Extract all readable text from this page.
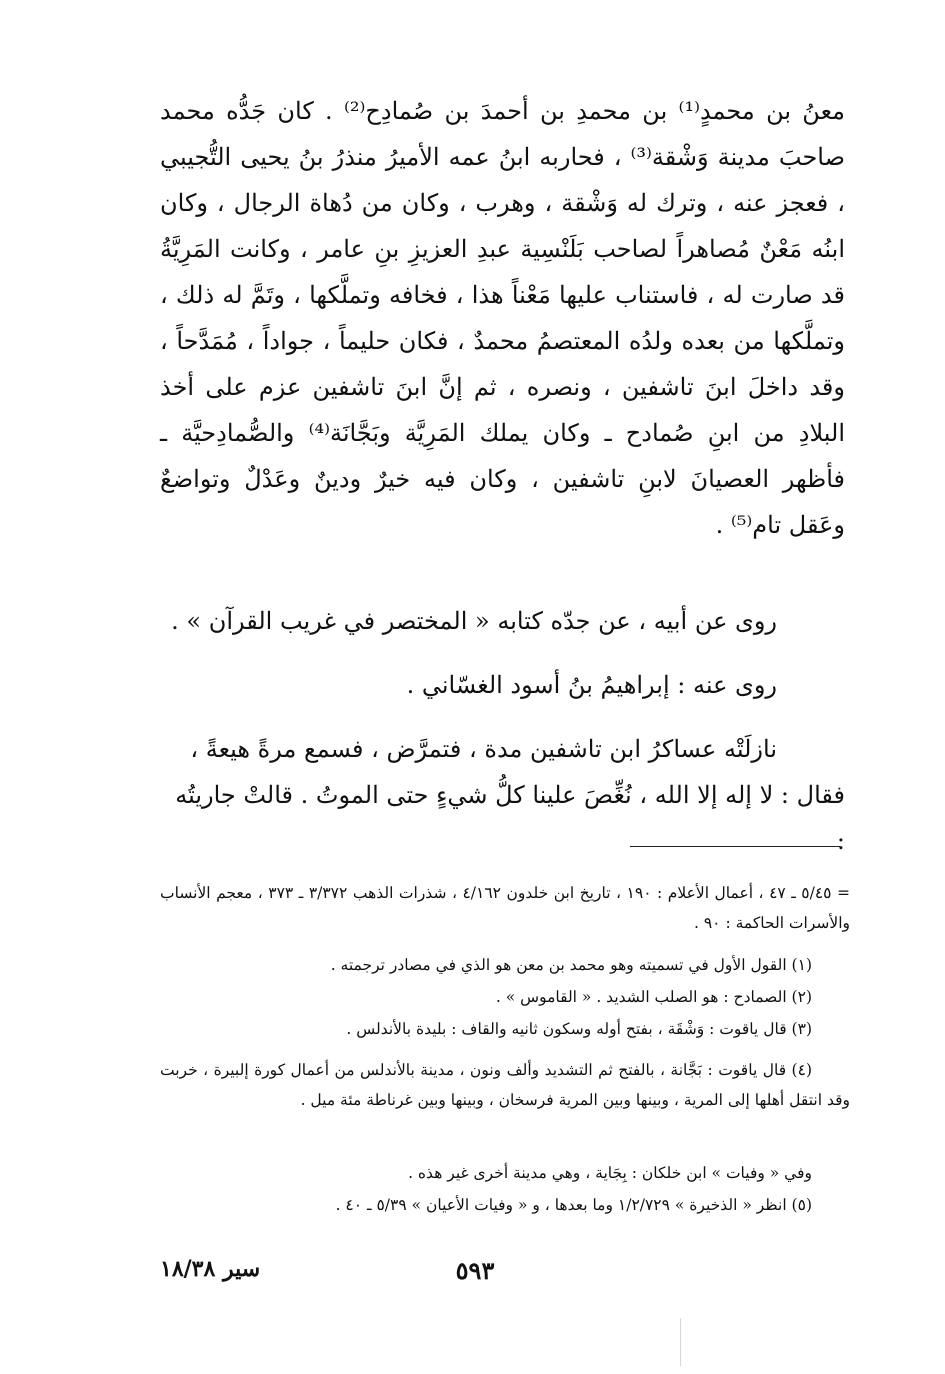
معنُ بن محمدٍ⁽¹⁾ بن محمدِ بن أحمدَ بن صُمادِح⁽²⁾ . كان جَدُّه محمد صاحبَ مدينة وَشْقة⁽³⁾ ، فحاربه ابنُ عمه الأميرُ منذرُ بنُ يحيى التُّجيبي ، فعجز عنه ، وترك له وَشْقة ، وهرب ، وكان من دُهاة الرجال ، وكان ابنُه مَعْنٌ مُصاهراً لصاحب بَلَنْسِية عبدِ العزيزِ بنِ عامر ، وكانت المَرِيَّةُ قد صارت له ، فاستناب عليها مَعْناً هذا ، فخافه وتملَّكها ، وتَمَّ له ذلك ، وتملَّكها من بعده ولدُه المعتصمُ محمدٌ ، فكان حليماً ، جواداً ، مُمَدَّحاً ، وقد داخلَ ابنَ تاشفين ، ونصره ، ثم إنَّ ابنَ تاشفين عزم على أخذ البلادِ من ابنِ صُمادح ـ وكان يملك المَرِيَّة وبَجَّانَة⁽⁴⁾ والصُّمادِحيَّة ـ فأظهر العصيانَ لابنِ تاشفين ، وكان فيه خيرٌ ودينٌ وعَدْلٌ وتواضعٌ وعَقل تام⁽⁵⁾ .

روى عن أبيه ، عن جدّه كتابه « المختصر في غريب القرآن » .
روى عنه : إبراهيمُ بنُ أسود الغسّاني .
نازلَتْه عساكرُ ابن تاشفين مدة ، فتمرَّض ، فسمع مرةً هيعةً ،
فقال : لا إله إلا الله ، نُغِّصَ علينا كلُّ شيءٍ حتى الموتُ . قالتْ جاريتُه :
= ٥/٤٥ ـ ٤٧ ، أعمال الأعلام : ١٩٠ ، تاريخ ابن خلدون ٤/١٦٢ ، شذرات الذهب ٣/٣٧٢ ـ ٣٧٣ ، معجم الأنساب والأسرات الحاكمة : ٩٠ .
(١) القول الأول في تسميته وهو محمد بن معن هو الذي في مصادر ترجمته .
(٢) الصمادح : هو الصلب الشديد . « القاموس » .
(٣) قال ياقوت : وَشْقَة ، بفتح أوله وسكون ثانيه والقاف : بليدة بالأندلس .
(٤) قال ياقوت : بَجَّانة ، بالفتح ثم التشديد وألف ونون ، مدينة بالأندلس من أعمال كورة إلبيرة ، خربت وقد انتقل أهلها إلى المرية ، وبينها وبين المرية فرسخان ، وبينها وبين غرناطة مئة ميل .
وفي « وفيات » ابن خلكان : بِجَاية ، وهي مدينة أخرى غير هذه .
(٥) انظر « الذخيرة » ١/٢/٧٢٩ وما بعدها ، و « وفيات الأعيان » ٥/٣٩ ـ ٤٠ .
٥٩٣
سير ١٨/٣٨
